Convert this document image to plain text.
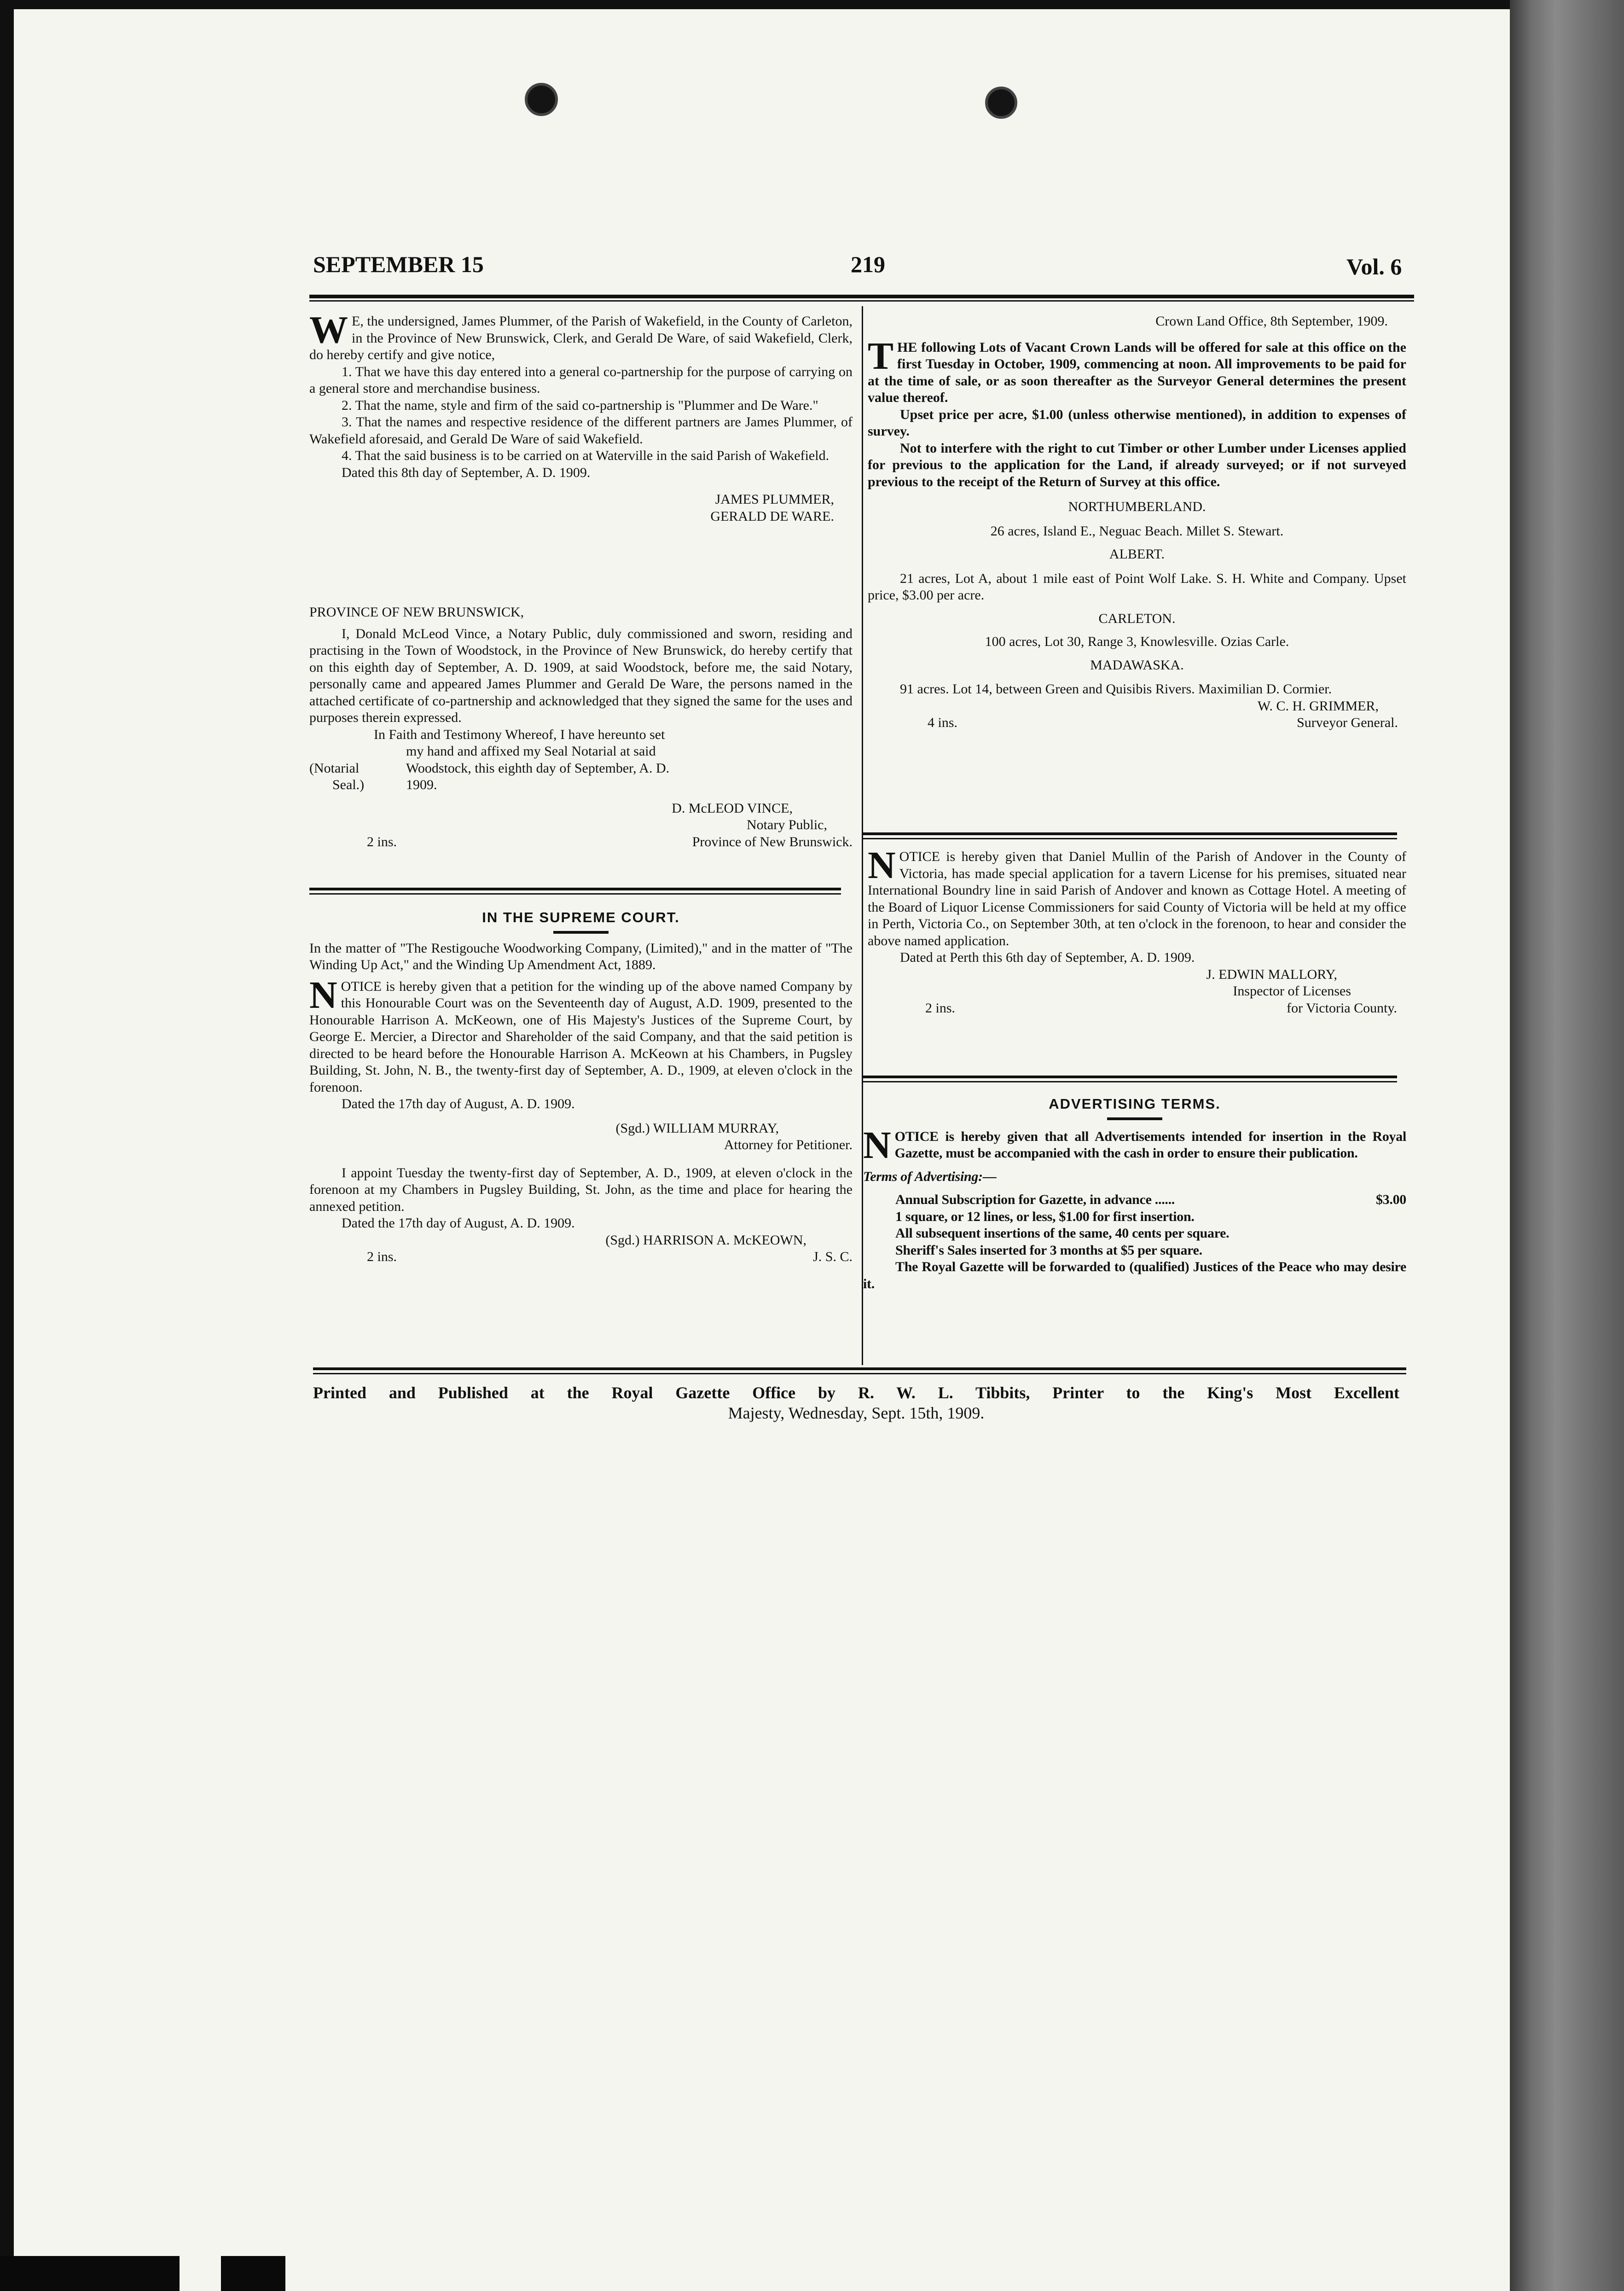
SEPTEMBER 15	219	Vol. 6
W E, the undersigned, James Plummer, of the Parish of Wakefield, in the County of Carleton, in the Province of New Brunswick, Clerk, and Gerald De Ware, of said Wakefield, Clerk, do hereby certify and give notice,

1. That we have this day entered into a general co-partnership for the purpose of carrying on a general store and merchandise business.

2. That the name, style and firm of the said co-partnership is "Plummer and De Ware."

3. That the names and respective residence of the different partners are James Plummer, of Wakefield aforesaid, and Gerald De Ware of said Wakefield.

4. That the said business is to be carried on at Waterville in the said Parish of Wakefield.

Dated this 8th day of September, A. D. 1909.

JAMES PLUMMER,

GERALD DE WARE.

PROVINCE OF NEW BRUNSWICK,

I, Donald McLeod Vince, a Notary Public, duly commissioned and sworn, residing and practising in the Town of Woodstock, in the Province of New Brunswick, do hereby certify that on this eighth day of September, A. D. 1909, at said Woodstock, before me, the said Notary, personally came and appeared James Plummer and Gerald De Ware, the persons named in the attached certificate of co-partnership and acknowledged that they signed the same for the uses and purposes therein expressed.

In Faith and Testimony Whereof, I have hereunto set

my hand and affixed my Seal Notarial at said

(Notarial	Woodstock, this eighth day of September, A. D.
Seal.)	1909.

D. McLEOD VINCE,

Notary Public,

2 ins.	Province of New Brunswick.

IN THE SUPREME COURT.

In the matter of "The Restigouche Woodworking Company, (Limited)," and in the matter of "The Winding Up Act," and the Winding Up Amendment Act, 1889.

N OTICE is hereby given that a petition for the winding up of the above named Company by this Honourable Court was on the Seventeenth day of August, A.D. 1909, presented to the Honourable Harrison A. McKeown, one of His Majesty's Justices of the Supreme Court, by George E. Mercier, a Director and Shareholder of the said Company, and that the said petition is directed to be heard before the Honourable Harrison A. McKeown at his Chambers, in Pugsley Building, St. John, N. B., the twenty-first day of September, A. D., 1909, at eleven o'clock in the forenoon.

Dated the 17th day of August, A. D. 1909.

(Sgd.) WILLIAM MURRAY,

Attorney for Petitioner.

I appoint Tuesday the twenty-first day of September, A. D., 1909, at eleven o'clock in the forenoon at my Chambers in Pugsley Building, St. John, as the time and place for hearing the annexed petition.

Dated the 17th day of August, A. D. 1909.

(Sgd.) HARRISON A. McKEOWN,

2 ins.	J. S. C.

Crown Land Office, 8th September, 1909.

T HE following Lots of Vacant Crown Lands will be offered for sale at this office on the first Tuesday in October, 1909, commencing at noon. All improvements to be paid for at the time of sale, or as soon thereafter as the Surveyor General determines the present value thereof.

Upset price per acre, $1.00 (unless otherwise mentioned), in addition to expenses of survey.

Not to interfere with the right to cut Timber or other Lumber under Licenses applied for previous to the application for the Land, if already surveyed; or if not surveyed previous to the receipt of the Return of Survey at this office.

NORTHUMBERLAND.

26 acres, Island E., Neguac Beach. Millet S. Stewart.

ALBERT.

21 acres, Lot A, about 1 mile east of Point Wolf Lake. S. H. White and Company. Upset price, $3.00 per acre.

CARLETON.

100 acres, Lot 30, Range 3, Knowlesville. Ozias Carle.

MADAWASKA.

91 acres. Lot 14, between Green and Quisibis Rivers. Maximilian D. Cormier.

W. C. H. GRIMMER,

4 ins.	Surveyor General.
N OTICE is hereby given that Daniel Mullin of the Parish of Andover in the County of Victoria, has made special application for a tavern License for his premises, situated near International Boundry line in said Parish of Andover and known as Cottage Hotel. A meeting of the Board of Liquor License Commissioners for said County of Victoria will be held at my office in Perth, Victoria Co., on September 30th, at ten o'clock in the forenoon, to hear and consider the above named application.

Dated at Perth this 6th day of September, A. D. 1909.

J. EDWIN MALLORY,

Inspector of Licenses

2 ins.	for Victoria County.

ADVERTISING TERMS.

N OTICE is hereby given that all Advertisements intended for insertion in the Royal Gazette, must be accompanied with the cash in order to ensure their publication.

Terms of Advertising:—

Annual Subscription for Gazette, in advance ......	$3.00

1 square, or 12 lines, or less, $1.00 for first insertion.

All subsequent insertions of the same, 40 cents per square.

Sheriff's Sales inserted for 3 months at $5 per square.

The Royal Gazette will be forwarded to (qualified) Justices of the Peace who may desire it.

Printed and Published at the Royal Gazette Office by R. W. L. Tibbits, Printer to the King's Most Excellent

Majesty, Wednesday, Sept. 15th, 1909.
